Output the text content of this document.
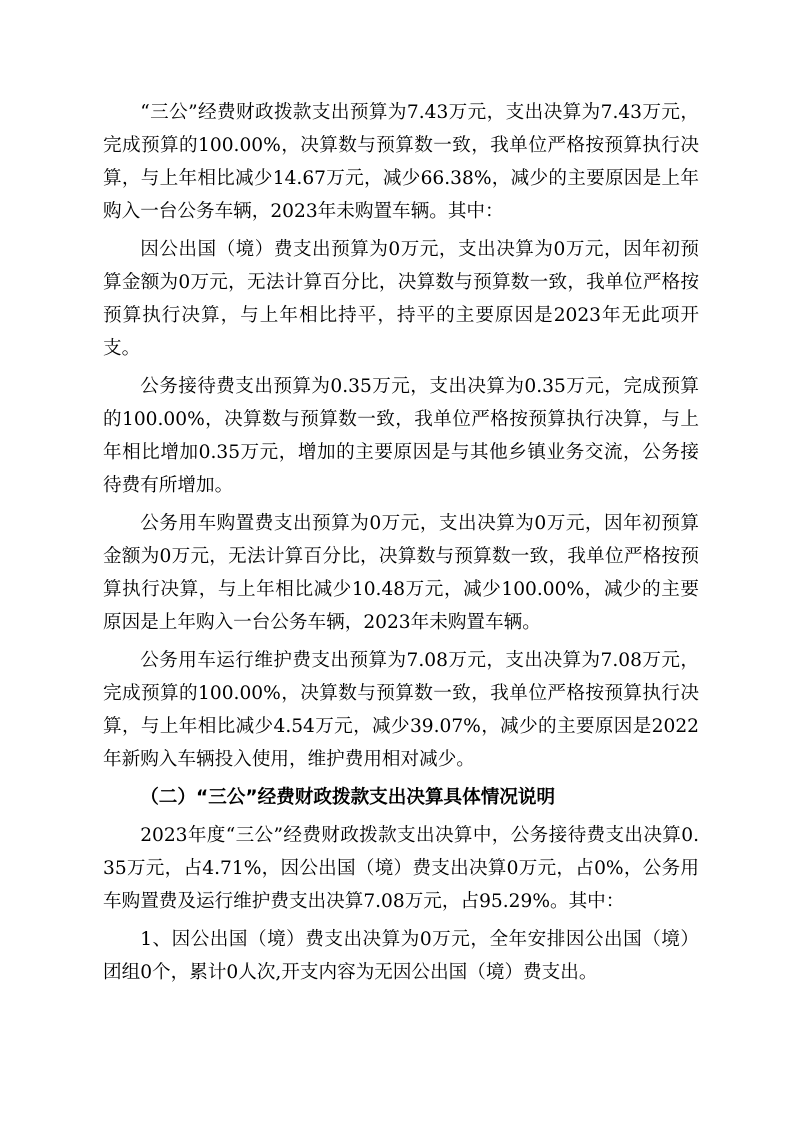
“三公”经费财政拨款支出预算为7.43万元，支出决算为7.43万元，完成预算的100.00%，决算数与预算数一致，我单位严格按预算执行决算，与上年相比减少14.67万元，减少66.38%，减少的主要原因是上年购入一台公务车辆，2023年未购置车辆。其中：

因公出国（境）费支出预算为0万元，支出决算为0万元，因年初预算金额为0万元，无法计算百分比，决算数与预算数一致，我单位严格按预算执行决算，与上年相比持平，持平的主要原因是2023年无此项开支。

公务接待费支出预算为0.35万元，支出决算为0.35万元，完成预算的100.00%，决算数与预算数一致，我单位严格按预算执行决算，与上年相比增加0.35万元，增加的主要原因是与其他乡镇业务交流，公务接待费有所增加。

公务用车购置费支出预算为0万元，支出决算为0万元，因年初预算金额为0万元，无法计算百分比，决算数与预算数一致，我单位严格按预算执行决算，与上年相比减少10.48万元，减少100.00%，减少的主要原因是上年购入一台公务车辆，2023年未购置车辆。

公务用车运行维护费支出预算为7.08万元，支出决算为7.08万元，完成预算的100.00%，决算数与预算数一致，我单位严格按预算执行决算，与上年相比减少4.54万元，减少39.07%，减少的主要原因是2022年新购入车辆投入使用，维护费用相对减少。

（二）“三公”经费财政拨款支出决算具体情况说明

2023年度“三公”经费财政拨款支出决算中，公务接待费支出决算0.35万元，占4.71%，因公出国（境）费支出决算0万元，占0%，公务用车购置费及运行维护费支出决算7.08万元，占95.29%。其中：

1、因公出国（境）费支出决算为0万元，全年安排因公出国（境）团组0个，累计0人次,开支内容为无因公出国（境）费支出。
